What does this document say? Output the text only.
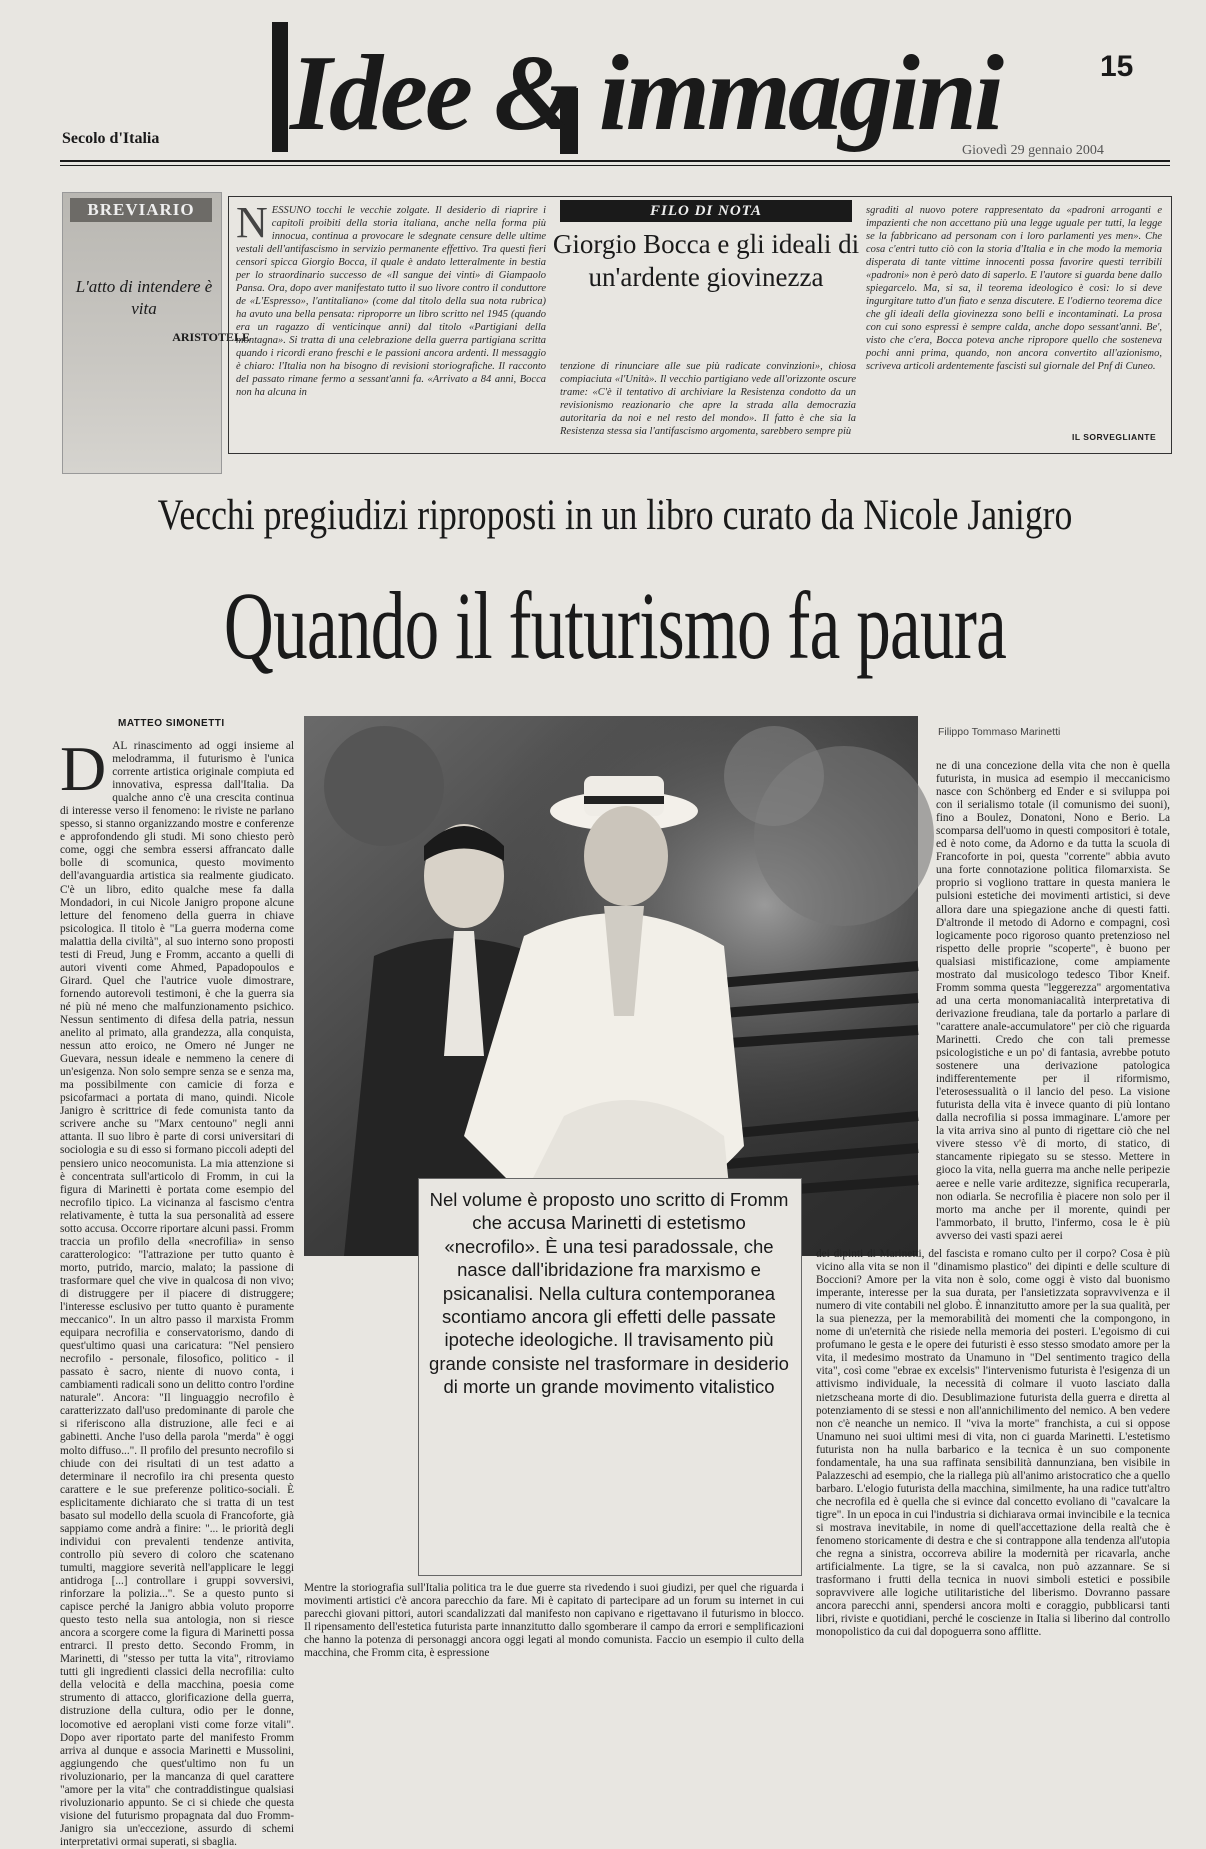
15
Idee & immagini
Secolo d'Italia
Giovedì 29 gennaio 2004
BREVIARIO
L'atto di intendere è vita
ARISTOTELE
NESSUNO tocchi le vecchie zolgate. Il desiderio di riaprire i capitoli proibiti della storia italiana, anche nella forma più innocua, continua a provocare le sdegnate censure delle ultime vestali dell'antifascismo in servizio permanente effettivo. Tra questi fieri censori spicca Giorgio Bocca, il quale è andato letteralmente in bestia per lo straordinario successo de «Il sangue dei vinti» di Giampaolo Pansa. Ora, dopo aver manifestato tutto il suo livore contro il conduttore de «L'Espresso», l'antitaliano» (come dal titolo della sua nota rubrica) ha avuto una bella pensata: riproporre un libro scritto nel 1945 (quando era un ragazzo di venticinque anni) dal titolo «Partigiani della montagna». Si tratta di una celebrazione della guerra partigiana scritta quando i ricordi erano freschi e le passioni ancora ardenti. Il messaggio è chiaro: l'Italia non ha bisogno di revisioni storiografiche. Il racconto del passato rimane fermo a sessant'anni fa. «Arrivato a 84 anni, Bocca non ha alcuna in
FILO DI NOTA
Giorgio Bocca e gli ideali di un'ardente giovinezza
tenzione di rinunciare alle sue più radicate convinzioni», chiosa compiaciuta «l'Unità». Il vecchio partigiano vede all'orizzonte oscure trame: «C'è il tentativo di archiviare la Resistenza condotto da un revisionismo reazionario che apre la strada alla democrazia autoritaria da noi e nel resto del mondo». Il fatto è che sia la Resistenza stessa sia l'antifascismo argomenta, sarebbero sempre più
sgraditi al nuovo potere rappresentato da «padroni arroganti e impazienti che non accettano più una legge uguale per tutti, la legge se la fabbricano ad personam con i loro parlamenti yes men». Che cosa c'entri tutto ciò con la storia d'Italia e in che modo la memoria disperata di tante vittime innocenti possa favorire questi terribili «padroni» non è però dato di saperlo. E l'autore si guarda bene dallo spiegarcelo. Ma, si sa, il teorema ideologico è così: lo si deve ingurgitare tutto d'un fiato e senza discutere. E l'odierno teorema dice che gli ideali della giovinezza sono belli e incontaminati. La prosa con cui sono espressi è sempre calda, anche dopo sessant'anni. Be', visto che c'era, Bocca poteva anche ripropore quello che sosteneva pochi anni prima, quando, non ancora convertito all'azionismo, scriveva articoli ardentemente fascisti sul giornale del Pnf di Cuneo.
IL SORVEGLIANTE
Vecchi pregiudizi riproposti in un libro curato da Nicole Janigro
Quando il futurismo fa paura
MATTEO SIMONETTI
DAL rinascimento ad oggi insieme al melodramma, il futurismo è l'unica corrente artistica originale compiuta ed innovativa, espressa dall'Italia. Da qualche anno c'è una crescita continua di interesse verso il fenomeno: le riviste ne parlano spesso, si stanno organizzando mostre e conferenze e approfondendo gli studi. Mi sono chiesto però come, oggi che sembra essersi affrancato dalle bolle di scomunica, questo movimento dell'avanguardia artistica sia realmente giudicato. C'è un libro, edito qualche mese fa dalla Mondadori, in cui Nicole Janigro propone alcune letture del fenomeno della guerra in chiave psicologica. Il titolo è "La guerra moderna come malattia della civiltà", al suo interno sono proposti testi di Freud, Jung e Fromm, accanto a quelli di autori viventi come Ahmed, Papadopoulos e Girard. Quel che l'autrice vuole dimostrare, fornendo autorevoli testimoni, è che la guerra sia né più né meno che malfunzionamento psichico. Nessun sentimento di difesa della patria, nessun anelito al primato, alla grandezza, alla conquista, nessun atto eroico, ne Omero né Junger ne Guevara, nessun ideale e nemmeno la cenere di un'esigenza. Non solo sempre senza se e senza ma, ma possibilmente con camicie di forza e psicofarmaci a portata di mano, quindi. Nicole Janigro è scrittrice di fede comunista tanto da scrivere anche su "Marx centouno" negli anni attanta. Il suo libro è parte di corsi universitari di sociologia e su di esso si formano piccoli adepti del pensiero unico neocomunista. La mia attenzione si è concentrata sull'articolo di Fromm, in cui la figura di Marinetti è portata come esempio del necrofilo tipico. La vicinanza al fascismo c'entra relativamente, è tutta la sua personalità ad essere sotto accusa. Occorre riportare alcuni passi. Fromm traccia un profilo della «necrofilia» in senso caratterologico: "l'attrazione per tutto quanto è morto, putrido, marcio, malato; la passione di trasformare quel che vive in qualcosa di non vivo; di distruggere per il piacere di distruggere; l'interesse esclusivo per tutto quanto è puramente meccanico". In un altro passo il marxista Fromm equipara necrofilia e conservatorismo, dando di quest'ultimo quasi una caricatura: "Nel pensiero necrofilo - personale, filosofico, politico - il passato è sacro, niente di nuovo conta, i cambiamenti radicali sono un delitto contro l'ordine naturale". Ancora: "Il linguaggio necrofilo è caratterizzato dall'uso predominante di parole che si riferiscono alla distruzione, alle feci e ai gabinetti. Anche l'uso della parola "merda" è oggi molto diffuso...". Il profilo del presunto necrofilo si chiude con dei risultati di un test adatto a determinare il necrofilo ira chi presenta questo carattere e le sue preferenze politico-sociali. È esplicitamente dichiarato che si tratta di un test basato sul modello della scuola di Francoforte, già sappiamo come andrà a finire: "... le priorità degli individui con prevalenti tendenze antivita, controllo più severo di coloro che scatenano tumulti, maggiore severità nell'applicare le leggi antidroga [...] controllare i gruppi sovversivi, rinforzare la polizia...". Se a questo punto si capisce perché la Janigro abbia voluto proporre questo testo nella sua antologia, non si riesce ancora a scorgere come la figura di Marinetti possa entrarci. Il presto detto. Secondo Fromm, in Marinetti, di "stesso per tutta la vita", ritroviamo tutti gli ingredienti classici della necrofilia: culto della velocità e della macchina, poesia come strumento di attacco, glorificazione della guerra, distruzione della cultura, odio per le donne, locomotive ed aeroplani visti come forze vitali". Dopo aver riportato parte del manifesto Fromm arriva al dunque e associa Marinetti e Mussolini, aggiungendo che quest'ultimo non fu un rivoluzionario, per la mancanza di quel carattere "amore per la vita" che contraddistingue qualsiasi rivoluzionario appunto. Se ci si chiede che questa visione del futurismo propagnata dal duo Fromm-Janigro sia un'eccezione, assurdo di schemi interpretativi ormai superati, si sbaglia.
Filippo Tommaso Marinetti
ne di una concezione della vita che non è quella futurista, in musica ad esempio il meccanicismo nasce con Schönberg ed Ender e si sviluppa poi con il serialismo totale (il comunismo dei suoni), fino a Boulez, Donatoni, Nono e Berio. La scomparsa dell'uomo in questi compositori è totale, ed è noto come, da Adorno e da tutta la scuola di Francoforte in poi, questa "corrente" abbia avuto una forte connotazione politica filomarxista. Se proprio si vogliono trattare in questa maniera le pulsioni estetiche dei movimenti artistici, si deve allora dare una spiegazione anche di questi fatti. D'altronde il metodo di Adorno e compagni, così logicamente poco rigoroso quanto pretenzioso nel rispetto delle proprie "scoperte", è buono per qualsiasi mistificazione, come ampiamente mostrato dal musicologo tedesco Tibor Kneif. Fromm somma questa "leggerezza" argomentativa ad una certa monomaniacalità interpretativa di derivazione freudiana, tale da portarlo a parlare di "carattere anale-accumulatore" per ciò che riguarda Marinetti. Credo che con tali premesse psicologistiche e un po' di fantasia, avrebbe potuto sostenere una derivazione patologica indifferentemente per il riformismo, l'eterosessualità o il lancio del peso. La visione futurista della vita è invece quanto di più lontano dalla necrofilia si possa immaginare. L'amore per la vita arriva sino al punto di rigettare ciò che nel vivere stesso v'è di morto, di statico, di stancamente ripiegato su se stesso. Mettere in gioco la vita, nella guerra ma anche nelle peripezie aeree e nelle varie arditezze, significa recuperarla, non odiarla. Se necrofilia è piacere non solo per il morto ma anche per il morente, quindi per l'ammorbato, il brutto, l'infermo, cosa le è più avverso dei vasti spazi aerei
dei dipinti di Marinetti, del fascista e romano culto per il corpo? Cosa è più vicino alla vita se non il "dinamismo plastico" dei dipinti e delle sculture di Boccioni? Amore per la vita non è solo, come oggi è visto dal buonismo imperante, interesse per la sua durata, per l'ansietizzata sopravvivenza e il numero di vite contabili nel globo. È innanzitutto amore per la sua qualità, per la sua pienezza, per la memorabilità dei momenti che la compongono, in nome di un'eternità che risiede nella memoria dei posteri. L'egoismo di cui profumano le gesta e le opere dei futuristi è esso stesso smodato amore per la vita, il medesimo mostrato da Unamuno in "Del sentimento tragico della vita", così come "ebrae ex excelsis" l'intervenismo futurista è l'esigenza di un attivismo individuale, la necessità di colmare il vuoto lasciato dalla nietzscheana morte di dio. Desublimazione futurista della guerra e diretta al potenziamento di se stessi e non all'annichilimento del nemico. A ben vedere non c'è neanche un nemico. Il "viva la morte" franchista, a cui si oppose Unamuno nei suoi ultimi mesi di vita, non ci guarda Marinetti. L'estetismo futurista non ha nulla barbarico e la tecnica è un suo componente fondamentale, ha una sua raffinata sensibilità dannunziana, ben visibile in Palazzeschi ad esempio, che la riallega più all'animo aristocratico che a quello barbaro. L'elogio futurista della macchina, similmente, ha una radice tutt'altro che necrofila ed è quella che si evince dal concetto evoliano di "cavalcare la tigre". In un epoca in cui l'industria si dichiarava ormai invincibile e la tecnica si mostrava inevitabile, in nome di quell'accettazione della realtà che è fenomeno storicamente di destra e che si contrappone alla tendenza all'utopia che regna a sinistra, occorreva abilire la modernità per ricavarla, anche artificialmente. La tigre, se la si cavalca, non può azzannare. Se si trasformano i frutti della tecnica in nuovi simboli estetici e possibile sopravvivere alle logiche utilitaristiche del liberismo. Dovranno passare ancora parecchi anni, spendersi ancora molti e coraggio, pubblicarsi tanti libri, riviste e quotidiani, perché le coscienze in Italia si liberino dal controllo monopolistico da cui dal dopoguerra sono afflitte.
Mentre la storiografia sull'Italia politica tra le due guerre sta rivedendo i suoi giudizi, per quel che riguarda i movimenti artistici c'è ancora parecchio da fare. Mi è capitato di partecipare ad un forum su internet in cui parecchi giovani pittori, autori scandalizzati dal manifesto non capivano e rigettavano il futurismo in blocco. Il ripensamento dell'estetica futurista parte innanzitutto dallo sgomberare il campo da errori e semplificazioni che hanno la potenza di personaggi ancora oggi legati al mondo comunista. Faccio un esempio il culto della macchina, che Fromm cita, è espressione
Nel volume è proposto uno scritto di Fromm che accusa Marinetti di estetismo «necrofilo». È una tesi paradossale, che nasce dall'ibridazione fra marxismo e psicanalisi. Nella cultura contemporanea scontiamo ancora gli effetti delle passate ipoteche ideologiche. Il travisamento più grande consiste nel trasformare in desiderio di morte un grande movimento vitalistico
